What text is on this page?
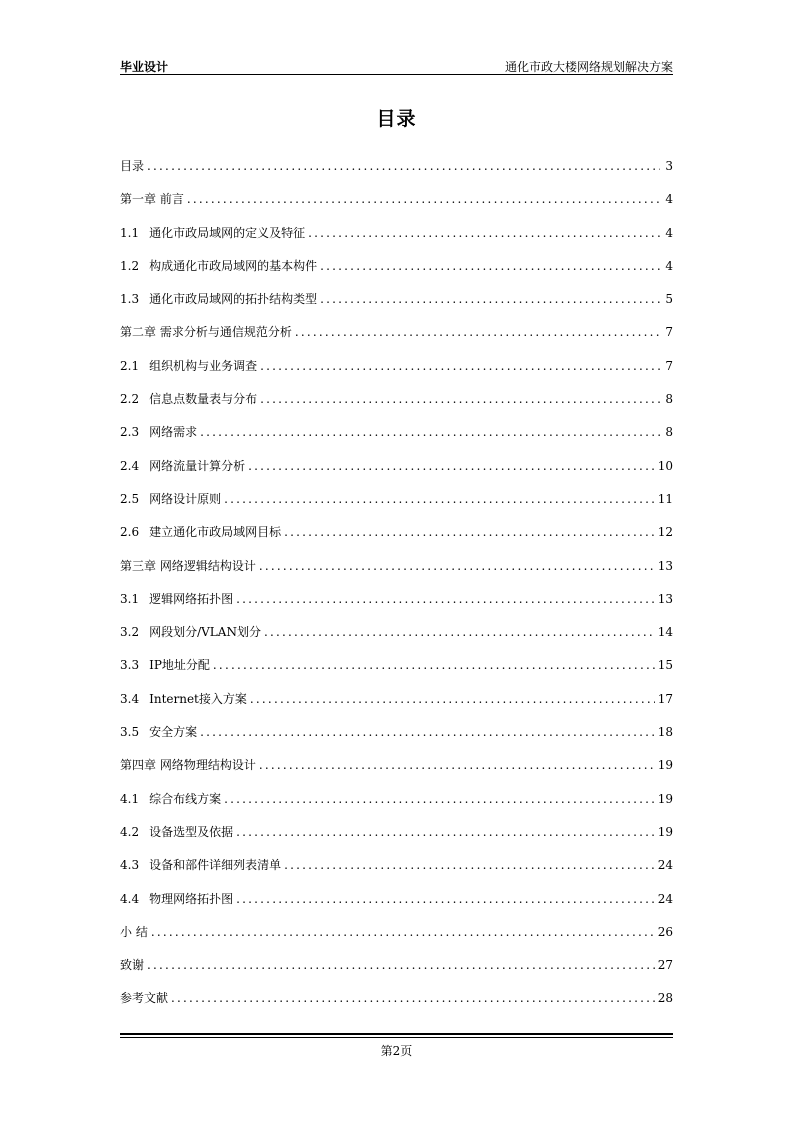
毕业设计	通化市政大楼网络规划解决方案
目录
目录 .....	3
第一章 前言 .....	4
1.1 通化市政局域网的定义及特征 .....	4
1.2 构成通化市政局域网的基本构件 .....	4
1.3 通化市政局域网的拓扑结构类型 .....	5
第二章 需求分析与通信规范分析 .....	7
2.1 组织机构与业务调查 .....	7
2.2 信息点数量表与分布 .....	8
2.3 网络需求 .....	8
2.4 网络流量计算分析 .....	10
2.5 网络设计原则 .....	11
2.6 建立通化市政局域网目标 .....	12
第三章 网络逻辑结构设计 .....	13
3.1 逻辑网络拓扑图 .....	13
3.2 网段划分/VLAN划分 .....	14
3.3 IP地址分配 .....	15
3.4 Internet接入方案 .....	17
3.5 安全方案 .....	18
第四章 网络物理结构设计 .....	19
4.1 综合布线方案 .....	19
4.2 设备选型及依据 .....	19
4.3 设备和部件详细列表清单 .....	24
4.4 物理网络拓扑图 .....	24
小 结 .....	26
致谢 .....	27
参考文献 .....	28
第2页
